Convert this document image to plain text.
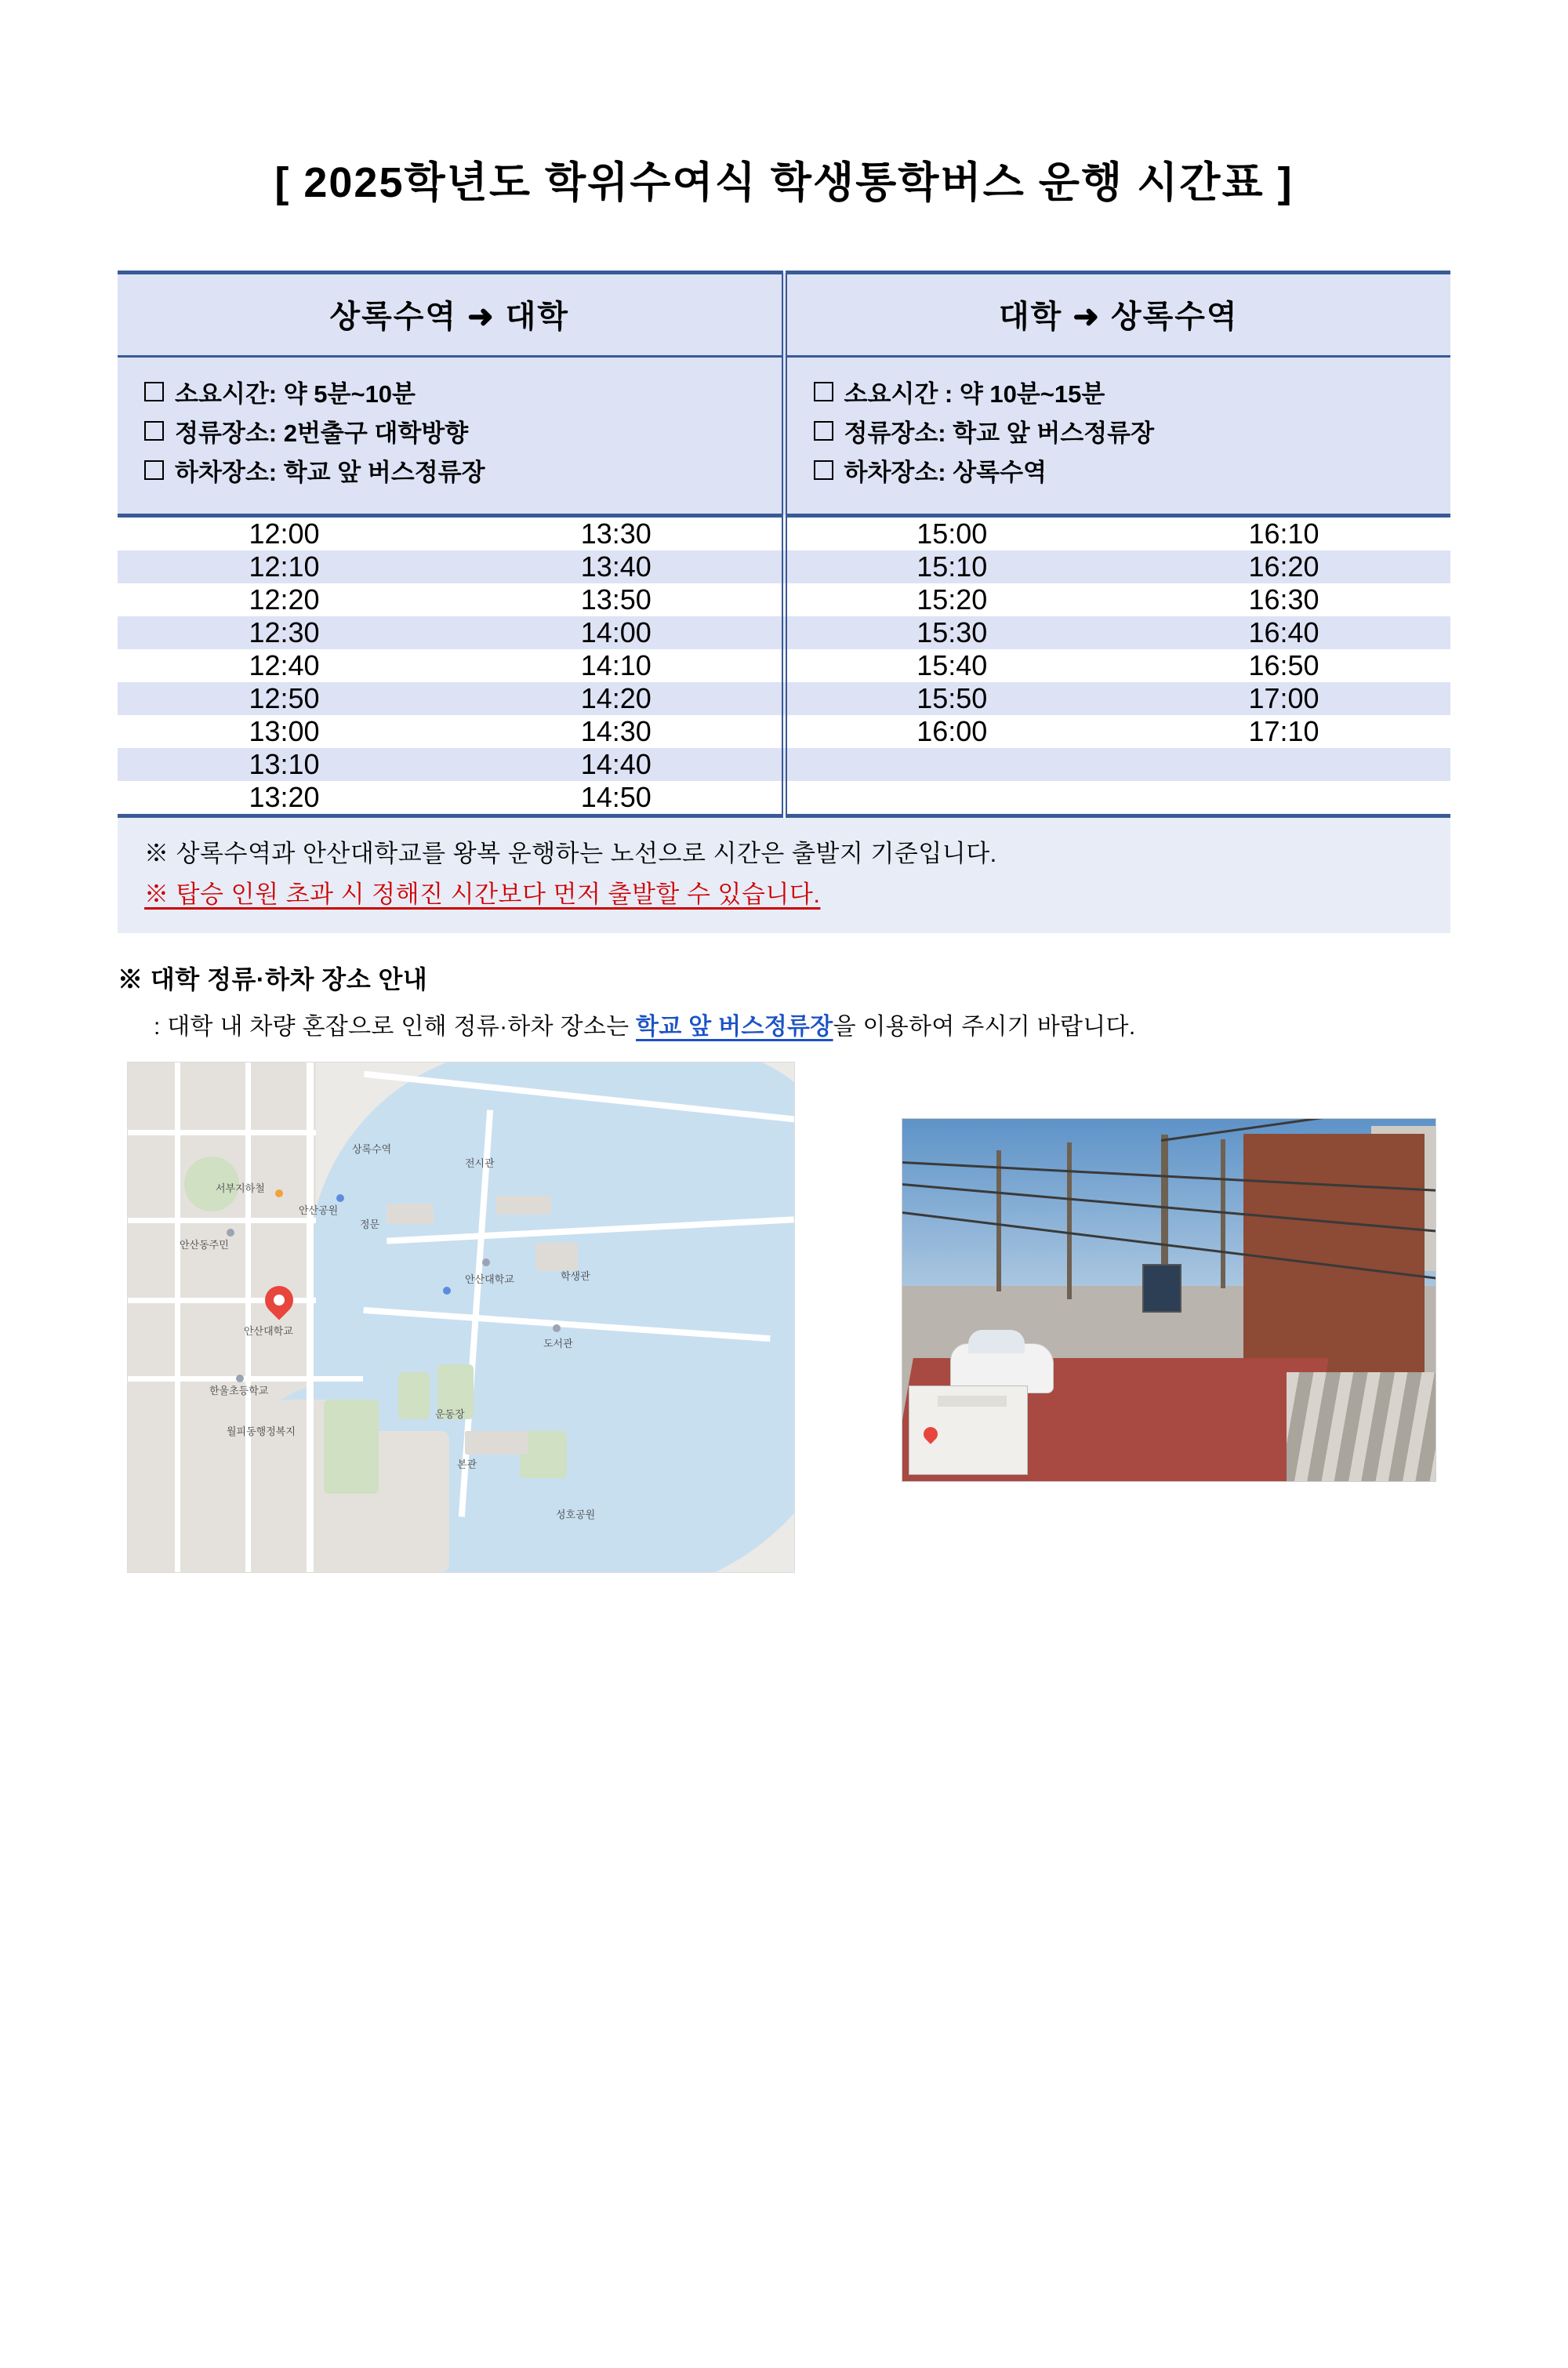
[ 2025학년도 학위수여식 학생통학버스 운행 시간표 ]
상록수역 ➜ 대학		대학 ➜ 상록수역	

소요시간: 약 5분~10분
정류장소: 2번출구 대학방향
하차장소: 학교 앞 버스정류장

소요시간 : 약 10분~15분
정류장소: 학교 앞 버스정류장
하차장소: 상록수역

12:00	13:30	15:00	16:10
12:10	13:40	15:10	16:20
12:20	13:50	15:20	16:30
12:30	14:00	15:30	16:40
12:40	14:10	15:40	16:50
12:50	14:20	15:50	17:00
13:00	14:30	16:00	17:10
13:10	14:40		
13:20	14:50		
※ 상록수역과 안산대학교를 왕복 운행하는 노선으로 시간은 출발지 기준입니다.
※ 탑승 인원 초과 시 정해진 시간보다 먼저 출발할 수 있습니다.
※ 대학 정류·하차 장소 안내
: 대학 내 차량 혼잡으로 인해 정류·하차 장소는 학교 앞 버스정류장을 이용하여 주시기 바랍니다.
안산대학교
안산공원
서부지하철
안산동주민
학생관
안산대학교
운동장
도서관
본관
전시관
정문
상록수역
한울초등학교
월피동행정복지
성호공원
